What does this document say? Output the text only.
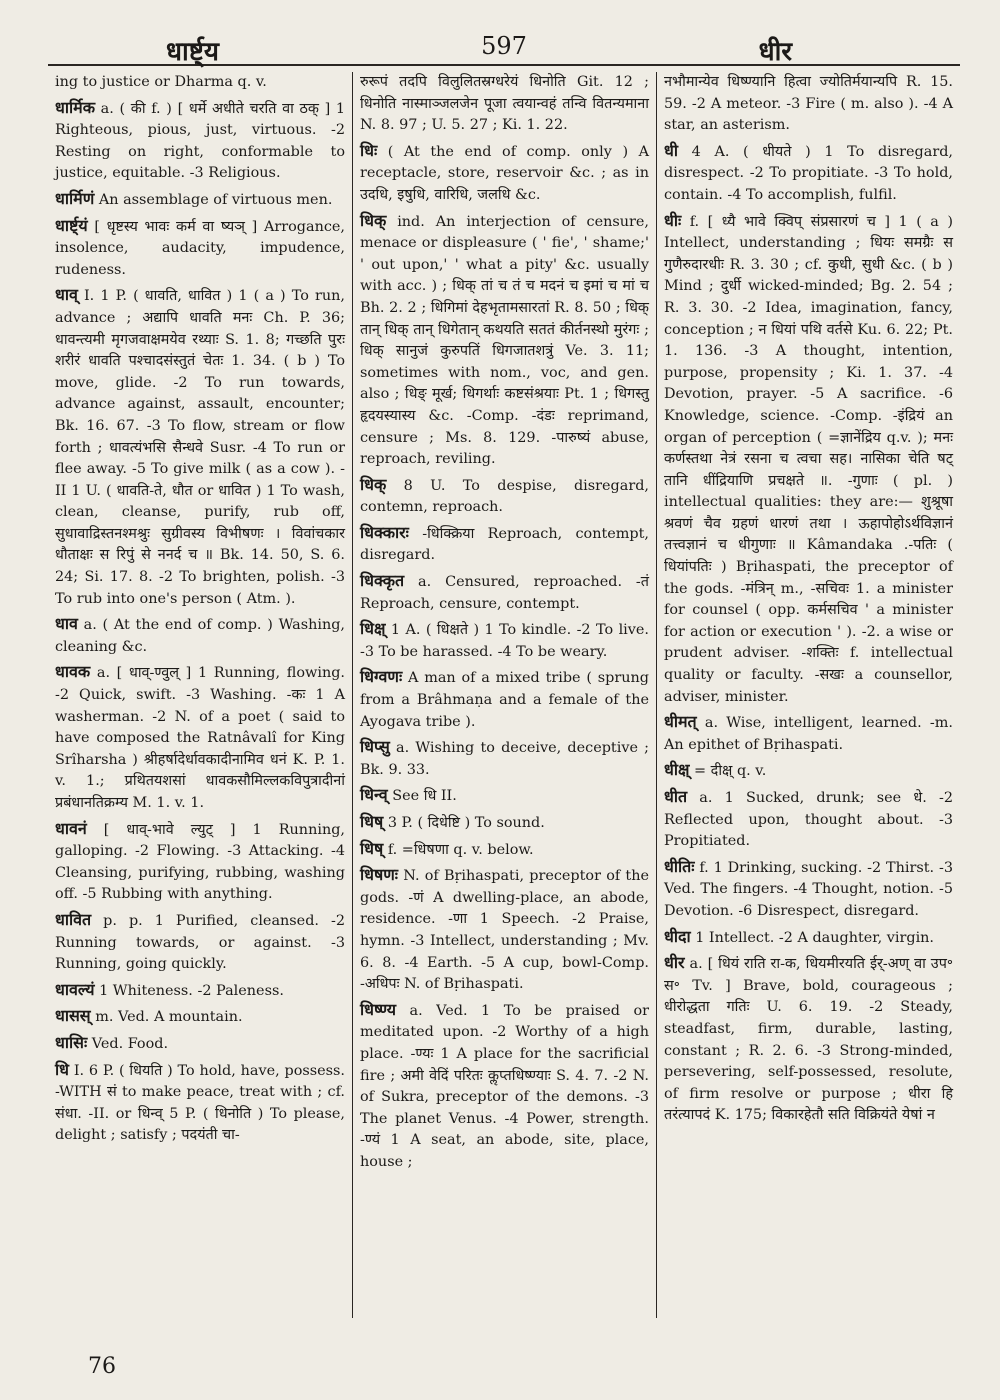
धार्ष्ट्य	597	धीर

ing to justice or Dharma q. v.

धार्मिक a. ( की f. ) [ धर्मे अधीते चरति वा ठक् ] 1 Righteous, pious, just, virtuous. -2 Resting on right, conformable to justice, equitable. -3 Religious.

धार्मिणं An assemblage of virtuous men.

धार्ष्ट्यं [ धृष्टस्य भावः कर्म वा ष्यञ् ] Arrogance, insolence, audacity, impudence, rudeness.

धाव् I. 1 P. ( धावति, धावित ) 1 ( a ) To run, advance ; अद्यापि धावति मनः Ch. P. 36; धावन्त्यमी मृगजवाक्षमयेव रथ्याः S. 1. 8; गच्छति पुरः शरीरं धावति पश्चादसंस्तुतं चेतः 1. 34. ( b ) To move, glide. -2 To run towards, advance against, assault, encounter; Bk. 16. 67. -3 To flow, stream or flow forth ; धावत्यंभसि सैन्धवे Susr. -4 To run or flee away. -5 To give milk ( as a cow ). -II 1 U. ( धावति-ते, धौत or धावित ) 1 To wash, clean, cleanse, purify, rub off, सुधावाद्रिस्तनश्मश्रुः सुग्रीवस्य विभीषणः । विवांचकार धौताक्षः स रिपुं से ननर्द च ॥ Bk. 14. 50, S. 6. 24; Si. 17. 8. -2 To brighten, polish. -3 To rub into one's person ( Atm. ).

धाव a. ( At the end of comp. ) Washing, cleaning &c.

धावक a. [ धाव्-ण्वुल् ] 1 Running, flowing. -2 Quick, swift. -3 Washing. -कः 1 A washerman. -2 N. of a poet ( said to have composed the Ratnâvalî for King Srîharsha ) श्रीहर्षादेर्धावकादीनामिव धनं K. P. 1. v. 1.; प्रथितयशसां धावकसौमिल्लकविपुत्रादीनां प्रबंधानतिक्रम्य M. 1. v. 1.

धावनं [ धाव्-भावे ल्युट् ] 1 Running, galloping. -2 Flowing. -3 Attacking. -4 Cleansing, purifying, rubbing, washing off. -5 Rubbing with anything.

धावित p. p. 1 Purified, cleansed. -2 Running towards, or against. -3 Running, going quickly.

धावल्यं 1 Whiteness. -2 Paleness.

धासस् m. Ved. A mountain.

धासिः Ved. Food.

धि I. 6 P. ( धियति ) To hold, have, possess. -WITH सं to make peace, treat with ; cf. संधा. -II. or धिन्व् 5 P. ( धिनोति ) To please, delight ; satisfy ; पदयंती चा-

रुरूपं तदपि विलुलितस्रग्धरेयं धिनोति Git. 12 ; धिनोति नास्माञ्जलजेन पूजा त्वयान्वहं तन्वि वितन्यमाना N. 8. 97 ; U. 5. 27 ; Ki. 1. 22.

धिः ( At the end of comp. only ) A receptacle, store, reservoir &c. ; as in उदधि, इषुधि, वारिधि, जलधि &c.

धिक् ind. An interjection of censure, menace or displeasure ( ' fie', ' shame;' ' out upon,' ' what a pity' &c. usually with acc. ) ; धिक् तां च तं च मदनं च इमां च मां च Bh. 2. 2 ; धिगिमां देहभृतामसारतां R. 8. 50 ; धिक् तान् धिक् तान् धिगेतान् कथयति सततं कीर्तनस्थो मुरंगः ; धिक् सानुजं कुरुपतिं धिगजातशत्रुं Ve. 3. 11; sometimes with nom., voc, and gen. also ; धिङ् मूर्ख; धिगर्थाः कष्टसंश्रयाः Pt. 1 ; धिगस्तु हृदयस्यास्य &c. -Comp. -दंडः reprimand, censure ; Ms. 8. 129. -पारुष्यं abuse, reproach, reviling.

धिक् 8 U. To despise, disregard, contemn, reproach.

धिक्कारः -धिक्क्रिया Reproach, contempt, disregard.

धिक्कृत a. Censured, reproached. -तं Reproach, censure, contempt.

धिक्ष् 1 A. ( धिक्षते ) 1 To kindle. -2 To live. -3 To be harassed. -4 To be weary.

धिग्वणः A man of a mixed tribe ( sprung from a Brâhmaṇa and a female of the Ayogava tribe ).

धिप्सु a. Wishing to deceive, deceptive ; Bk. 9. 33.

धिन्व् See धि II.

धिष् 3 P. ( दिधेष्टि ) To sound.

धिष् f. =धिषणा q. v. below.

धिषणः N. of Bṛihaspati, preceptor of the gods. -णं A dwelling-place, an abode, residence. -णा 1 Speech. -2 Praise, hymn. -3 Intellect, understanding ; Mv. 6. 8. -4 Earth. -5 A cup, bowl-Comp. -अधिपः N. of Bṛihaspati.

धिष्ण्य a. Ved. 1 To be praised or meditated upon. -2 Worthy of a high place. -ण्यः 1 A place for the sacrificial fire ; अमी वेदिं परितः कॢप्तधिष्ण्याः S. 4. 7. -2 N. of Sukra, preceptor of the demons. -3 The planet Venus. -4 Power, strength. -ण्यं 1 A seat, an abode, site, place, house ;

नभौमान्येव धिष्ण्यानि हित्वा ज्योतिर्मयान्यपि R. 15. 59. -2 A meteor. -3 Fire ( m. also ). -4 A star, an asterism.

धी 4 A. ( धीयते ) 1 To disregard, disrespect. -2 To propitiate. -3 To hold, contain. -4 To accomplish, fulfil.

धीः f. [ ध्यै भावे क्विप् संप्रसारणं च ] 1 ( a ) Intellect, understanding ; धियः समग्रैः स गुणैरुदारधीः R. 3. 30 ; cf. कुधी, सुधी &c. ( b ) Mind ; दुर्धी wicked-minded; Bg. 2. 54 ; R. 3. 30. -2 Idea, imagination, fancy, conception ; न धियां पथि वर्तसे Ku. 6. 22; Pt. 1. 136. -3 A thought, intention, purpose, propensity ; Ki. 1. 37. -4 Devotion, prayer. -5 A sacrifice. -6 Knowledge, science. -Comp. -इंद्रियं an organ of perception ( =ज्ञानेंद्रिय q.v. ); मनः कर्णस्तथा नेत्रं रसना च त्वचा सह। नासिका चेति षट् तानि धींद्रियाणि प्रचक्षते ॥. -गुणाः ( pl. ) intellectual qualities: they are:— शुश्रूषा श्रवणं चैव ग्रहणं धारणं तथा । ऊहापोहोऽर्थविज्ञानं तत्त्वज्ञानं च धीगुणाः ॥ Kâmandaka .-पतिः ( धियांपतिः ) Bṛihaspati, the preceptor of the gods. -मंत्रिन् m., -सचिवः 1. a minister for counsel ( opp. कर्मसचिव ' a minister for action or execution ' ). -2. a wise or prudent adviser. -शक्तिः f. intellectual quality or faculty. -सखः a counsellor, adviser, minister.

धीमत् a. Wise, intelligent, learned. -m. An epithet of Bṛihaspati.

धीक्ष् = दीक्ष् q. v.

धीत a. 1 Sucked, drunk; see धे. -2 Reflected upon, thought about. -3 Propitiated.

धीतिः f. 1 Drinking, sucking. -2 Thirst. -3 Ved. The fingers. -4 Thought, notion. -5 Devotion. -6 Disrespect, disregard.

धीदा 1 Intellect. -2 A daughter, virgin.

धीर a. [ धियं राति रा-क, धियमीरयति ईर्-अण् वा उप॰ स॰ Tv. ] Brave, bold, courageous ; धीरोद्धता गतिः U. 6. 19. -2 Steady, steadfast, firm, durable, lasting, constant ; R. 2. 6. -3 Strong-minded, persevering, self-possessed, resolute, of firm resolve or purpose ; धीरा हि तरंत्यापदं K. 175; विकारहेतौ सति विक्रियंते येषां न

76
